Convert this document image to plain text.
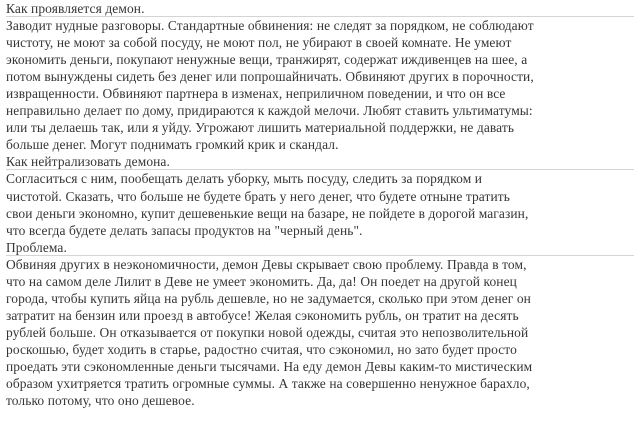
Как проявляется демон.
Заводит нудные разговоры. Стандартные обвинения: не следят за порядком, не соблюдают
чистоту, не моют за собой посуду, не моют пол, не убирают в своей комнате. Не умеют
экономить деньги, покупают ненужные вещи, транжирят, содержат иждивенцев на шее, а
потом вынуждены сидеть без денег или попрошайничать. Обвиняют других в порочности,
извращенности. Обвиняют партнера в изменах, неприличном поведении, и что он все
неправильно делает по дому, придираются к каждой мелочи. Любят ставить ультиматумы:
или ты делаешь так, или я уйду. Угрожают лишить материальной поддержки, не давать
больше денег. Могут поднимать громкий крик и скандал.
Как нейтрализовать демона.
Согласиться с ним, пообещать делать уборку, мыть посуду, следить за порядком и
чистотой. Сказать, что больше не будете брать у него денег, что будете отныне тратить
свои деньги экономно, купит дешевенькие вещи на базаре, не пойдете в дорогой магазин,
что всегда будете делать запасы продуктов на "черный день".
Проблема.
Обвиняя других в неэкономичности, демон Девы скрывает свою проблему. Правда в том,
что на самом деле Лилит в Деве не умеет экономить. Да, да! Он поедет на другой конец
города, чтобы купить яйца на рубль дешевле, но не задумается, сколько при этом денег он
затратит на бензин или проезд в автобусе! Желая сэкономить рубль, он тратит на десять
рублей больше. Он отказывается от покупки новой одежды, считая это непозволительной
роскошью, будет ходить в старье, радостно считая, что сэкономил, но зато будет просто
проедать эти сэкономленные деньги тысячами. На еду демон Девы каким-то мистическим
образом ухитряется тратить огромные суммы. А также на совершенно ненужное барахло,
только потому, что оно дешевое.
